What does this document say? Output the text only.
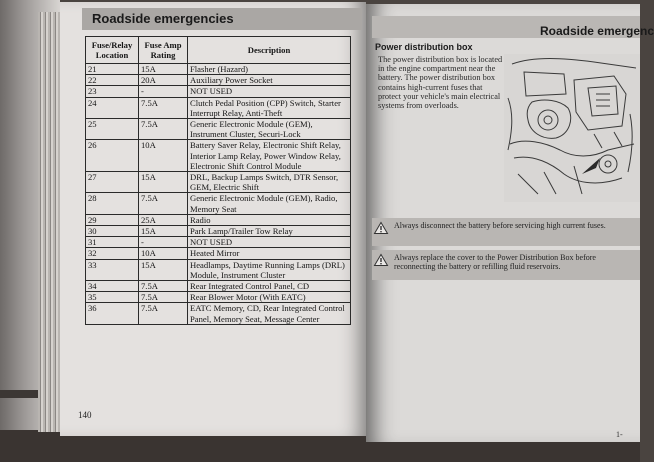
Roadside emergencies
Roadside emergenc
Fuse/Relay Location	Fuse Amp Rating	Description
21	15A	Flasher (Hazard)
22	20A	Auxiliary Power Socket
23	-	NOT USED
24	7.5A	Clutch Pedal Position (CPP) Switch, Starter Interrupt Relay, Anti-Theft
25	7.5A	Generic Electronic Module (GEM), Instrument Cluster, Securi-Lock
26	10A	Battery Saver Relay, Electronic Shift Relay, Interior Lamp Relay, Power Window Relay, Electronic Shift Control Module
27	15A	DRL, Backup Lamps Switch, DTR Sensor, GEM, Electric Shift
28	7.5A	Generic Electronic Module (GEM), Radio, Memory Seat
29	25A	Radio
30	15A	Park Lamp/Trailer Tow Relay
31	-	NOT USED
32	10A	Heated Mirror
33	15A	Headlamps, Daytime Running Lamps (DRL) Module, Instrument Cluster
34	7.5A	Rear Integrated Control Panel, CD
35	7.5A	Rear Blower Motor (With EATC)
36	7.5A	EATC Memory, CD, Rear Integrated Control Panel, Memory Seat, Message Center
140
Power distribution box
The power distribution box is located in the engine compartment near the battery. The power distribution box contains high-current fuses that protect your vehicle's main electrical systems from overloads.
Always disconnect the battery before servicing high current fuses.
Always replace the cover to the Power Distribution Box before reconnecting the battery or refilling fluid reservoirs.
1-
